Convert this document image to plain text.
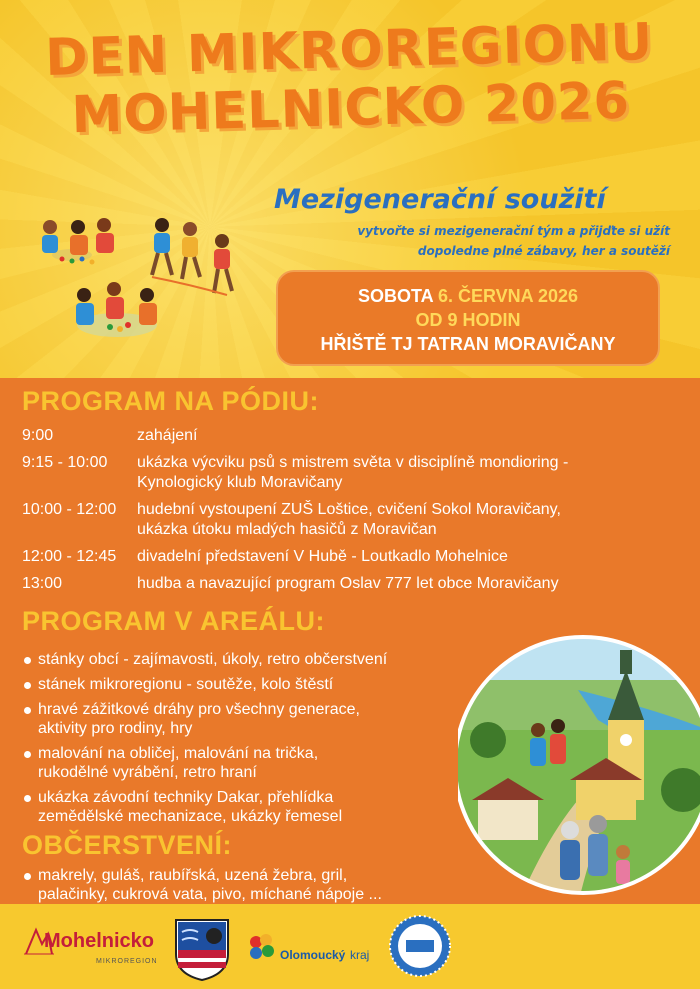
DEN MIKROREGIONU
MOHELNICKO 2026
Mezigenerační soužití
vytvořte si mezigenerační tým a přijďte si užít
dopoledne plné zábavy, her a soutěží
SOBOTA 6. ČERVNA 2026
OD 9 HODIN
HŘIŠTĚ TJ TATRAN MORAVIČANY
PROGRAM NA PÓDIU:
9:00	zahájení
9:15 - 10:00	ukázka výcviku psů s mistrem světa v disciplíně mondioring -
Kynologický klub Moravičany
10:00 - 12:00	hudební vystoupení ZUŠ Loštice, cvičení Sokol Moravičany,
ukázka útoku mladých hasičů z Moravičan
12:00 - 12:45	divadelní představení V Hubě - Loutkadlo Mohelnice
13:00	hudba a navazující program Oslav 777 let obce Moravičany
PROGRAM V AREÁLU:
stánky obcí - zajímavosti, úkoly, retro občerstvení
stánek mikroregionu - soutěže, kolo štěstí
hravé zážitkové dráhy pro všechny generace,
aktivity pro rodiny, hry
malování na obličej, malování na trička,
rukodělné vyrábění, retro hraní
ukázka závodní techniky Dakar, přehlídka
zemědělské mechanizace, ukázky řemesel
OBČERSTVENÍ:
makrely, guláš, raubířská, uzená žebra, gril,
palačinky, cukrová vata, pivo, míchané nápoje ...
Mohelnicko
MIKROREGION	Olomoucký kraj
